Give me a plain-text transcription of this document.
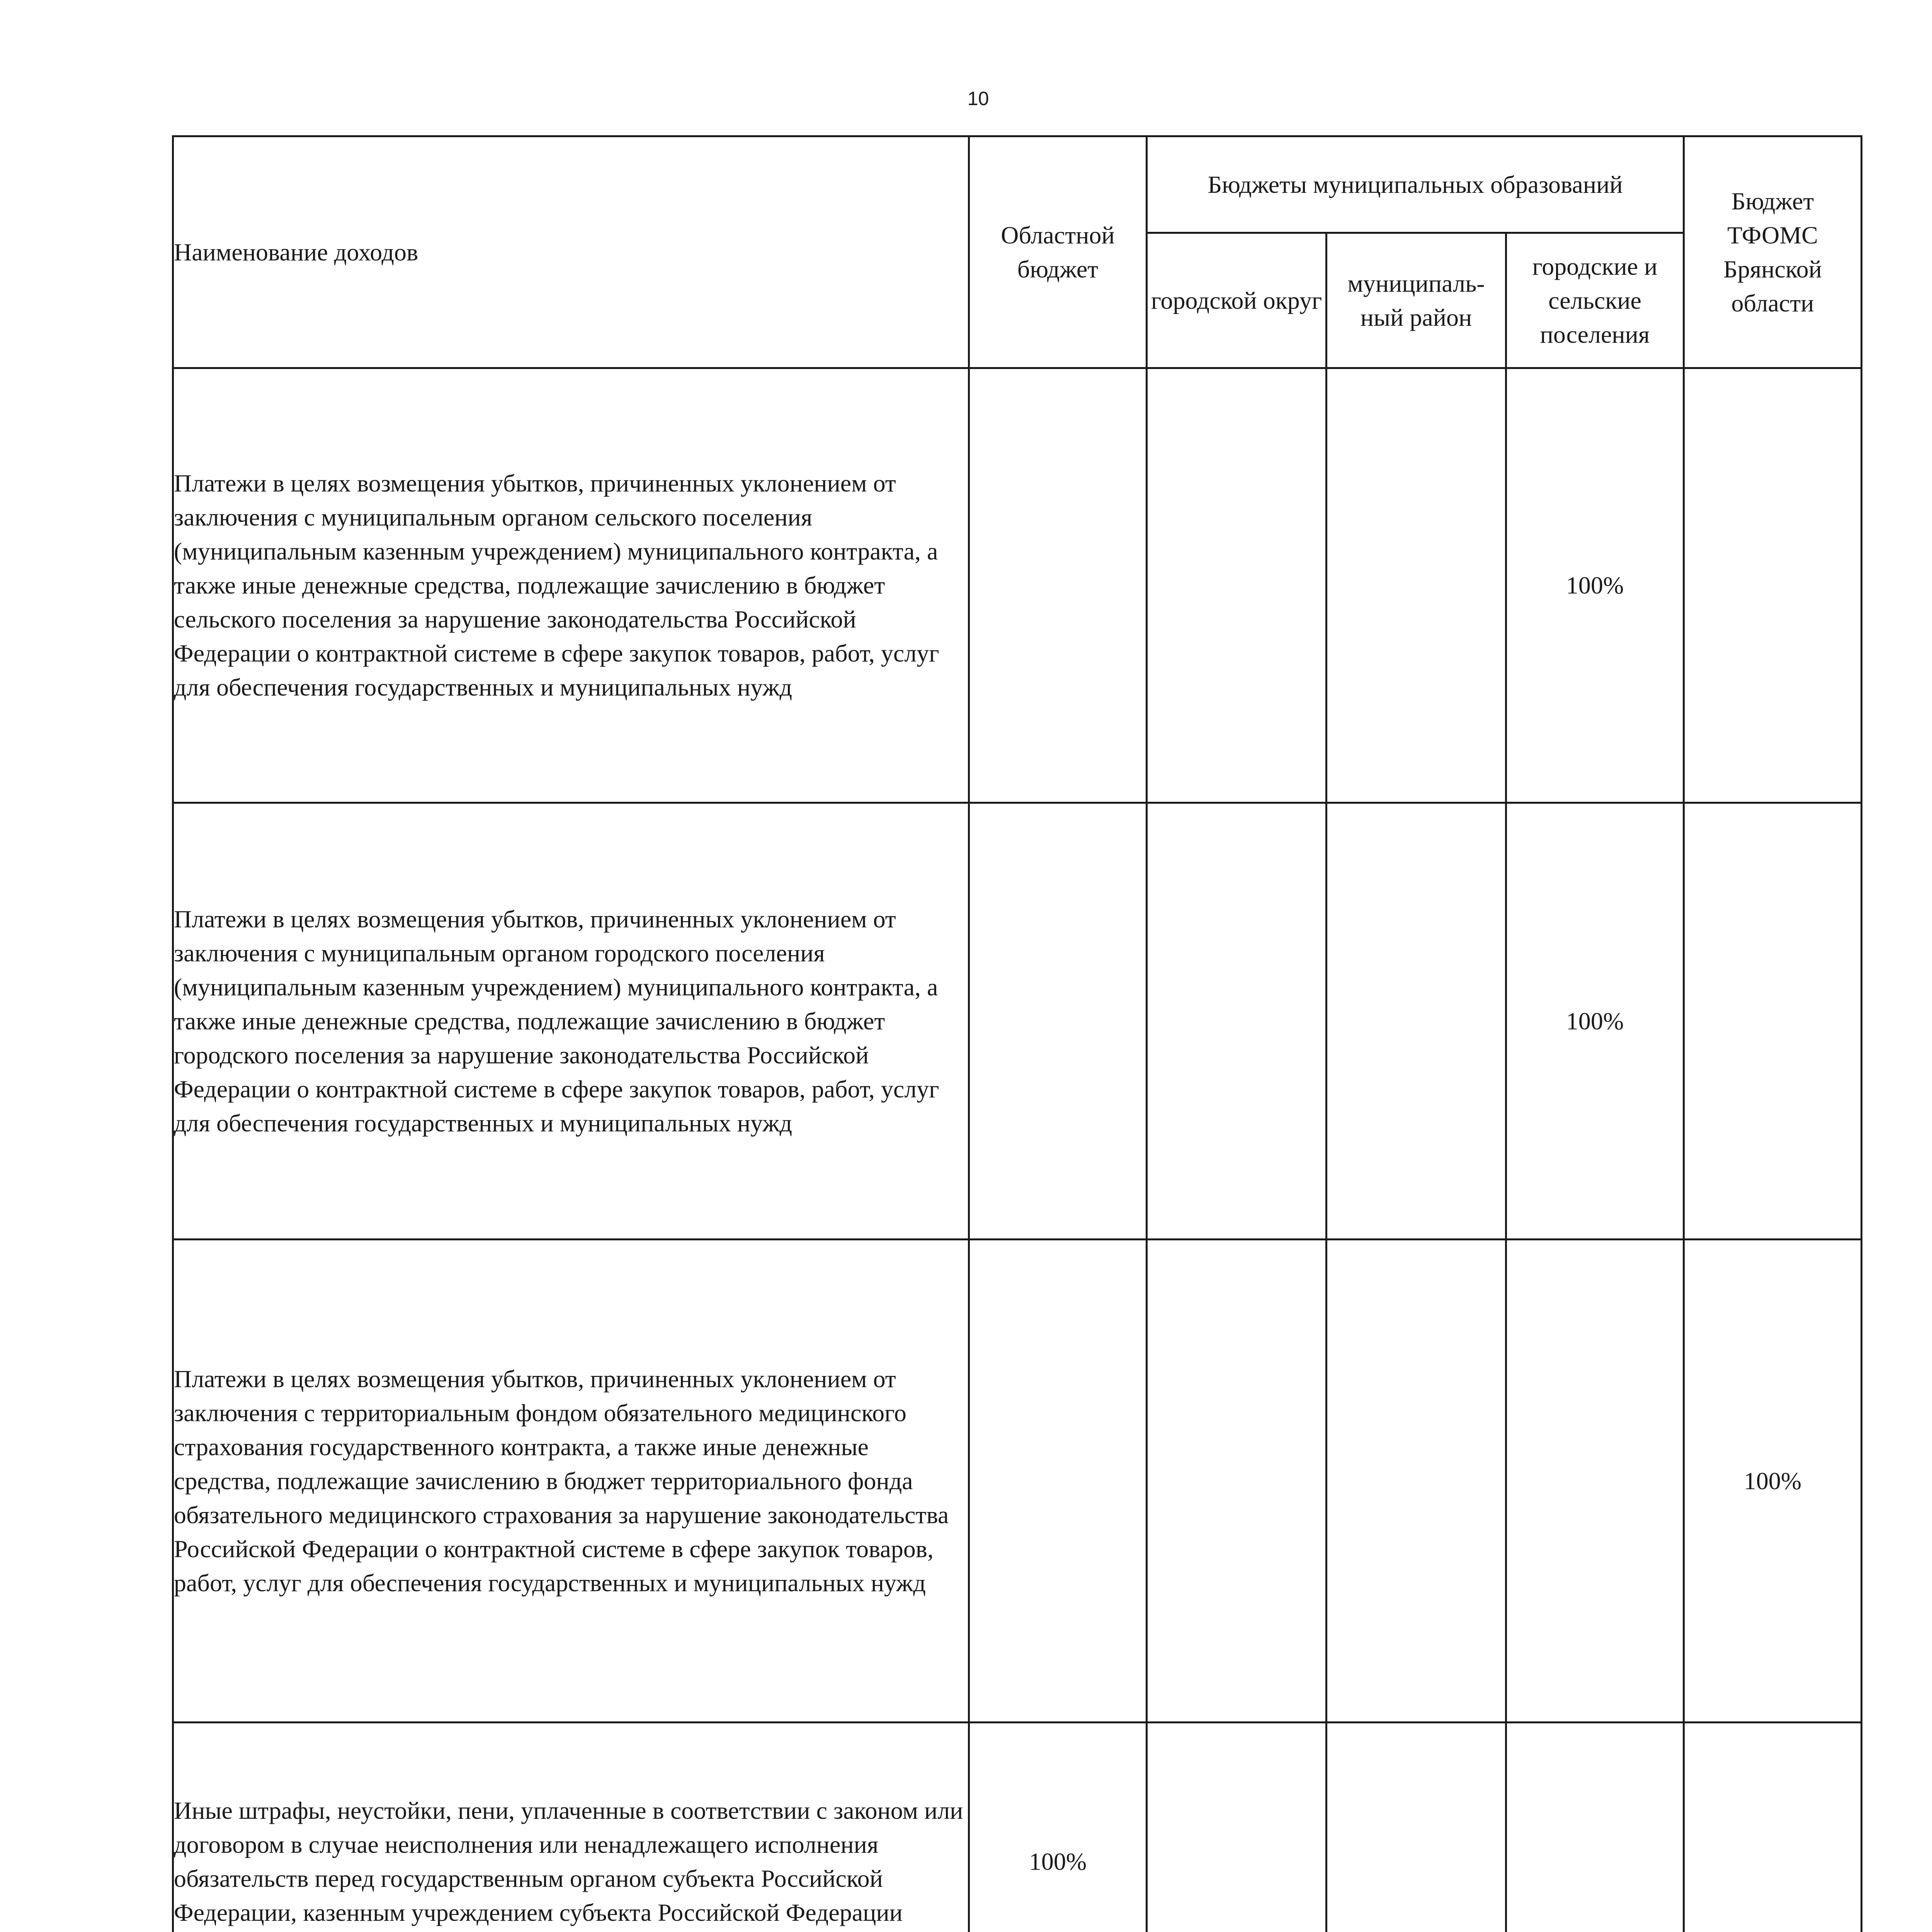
10
Наименование доходов	Областной бюджет	Бюджеты муниципальных образований			Бюджет ТФОМС Брянской области
		городской округ	муниципаль-ный район	городские и сельские поселения	
Платежи в целях возмещения убытков, причиненных уклонением от заключения с муниципальным органом сельского поселения (муниципальным казенным учреждением) муниципального контракта, а также иные денежные средства, подлежащие зачислению в бюджет сельского поселения за нарушение законодательства Российской Федерации о контрактной системе в сфере закупок товаров, работ, услуг для обеспечения государственных и муниципальных нужд				100%	
Платежи в целях возмещения убытков, причиненных уклонением от заключения с муниципальным органом городского поселения (муниципальным казенным учреждением) муниципального контракта, а также иные денежные средства, подлежащие зачислению в бюджет городского поселения за нарушение законодательства Российской Федерации о контрактной системе в сфере закупок товаров, работ, услуг для обеспечения государственных и муниципальных нужд				100%	
Платежи в целях возмещения убытков, причиненных уклонением от заключения с территориальным фондом обязательного медицинского страхования государственного контракта, а также иные денежные средства, подлежащие зачислению в бюджет территориального фонда обязательного медицинского страхования за нарушение законодательства Российской Федерации о контрактной системе в сфере закупок товаров, работ, услуг для обеспечения государственных и муниципальных нужд					100%
Иные штрафы, неустойки, пени, уплаченные в соответствии с законом или договором в случае неисполнения или ненадлежащего исполнения обязательств перед государственным органом субъекта Российской Федерации, казенным учреждением субъекта Российской Федерации	100%				
